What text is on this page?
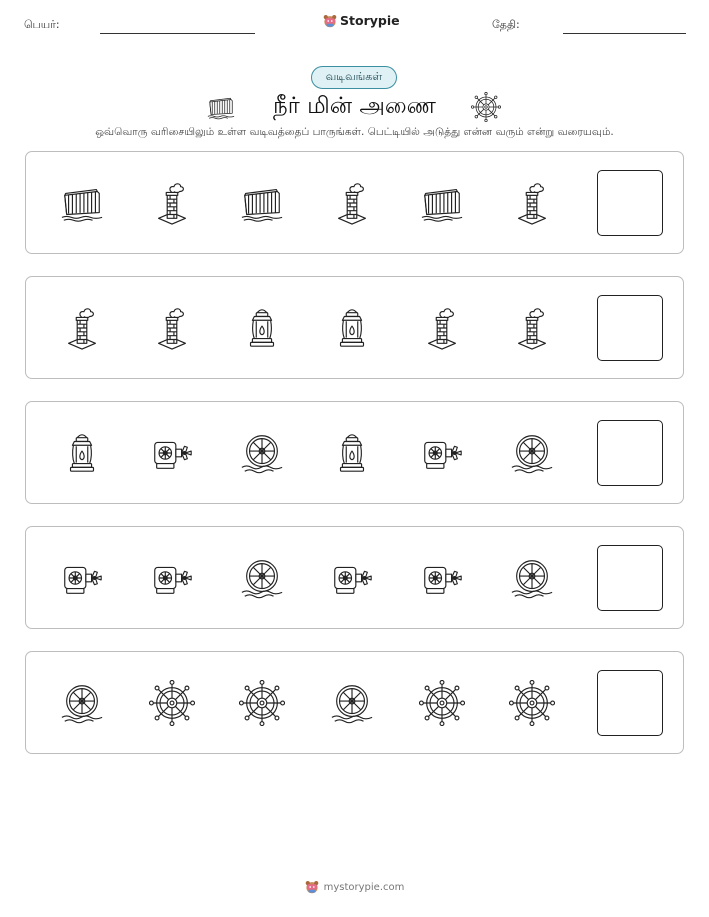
பெயர்:	Storypie	தேதி:
வடிவங்கள்
நீர் மின் அணை
ஒவ்வொரு வரிசையிலும் உள்ள வடிவத்தைப் பாருங்கள். பெட்டியில் அடுத்து என்ன வரும் என்று வரையவும்.
mystorypie.com
